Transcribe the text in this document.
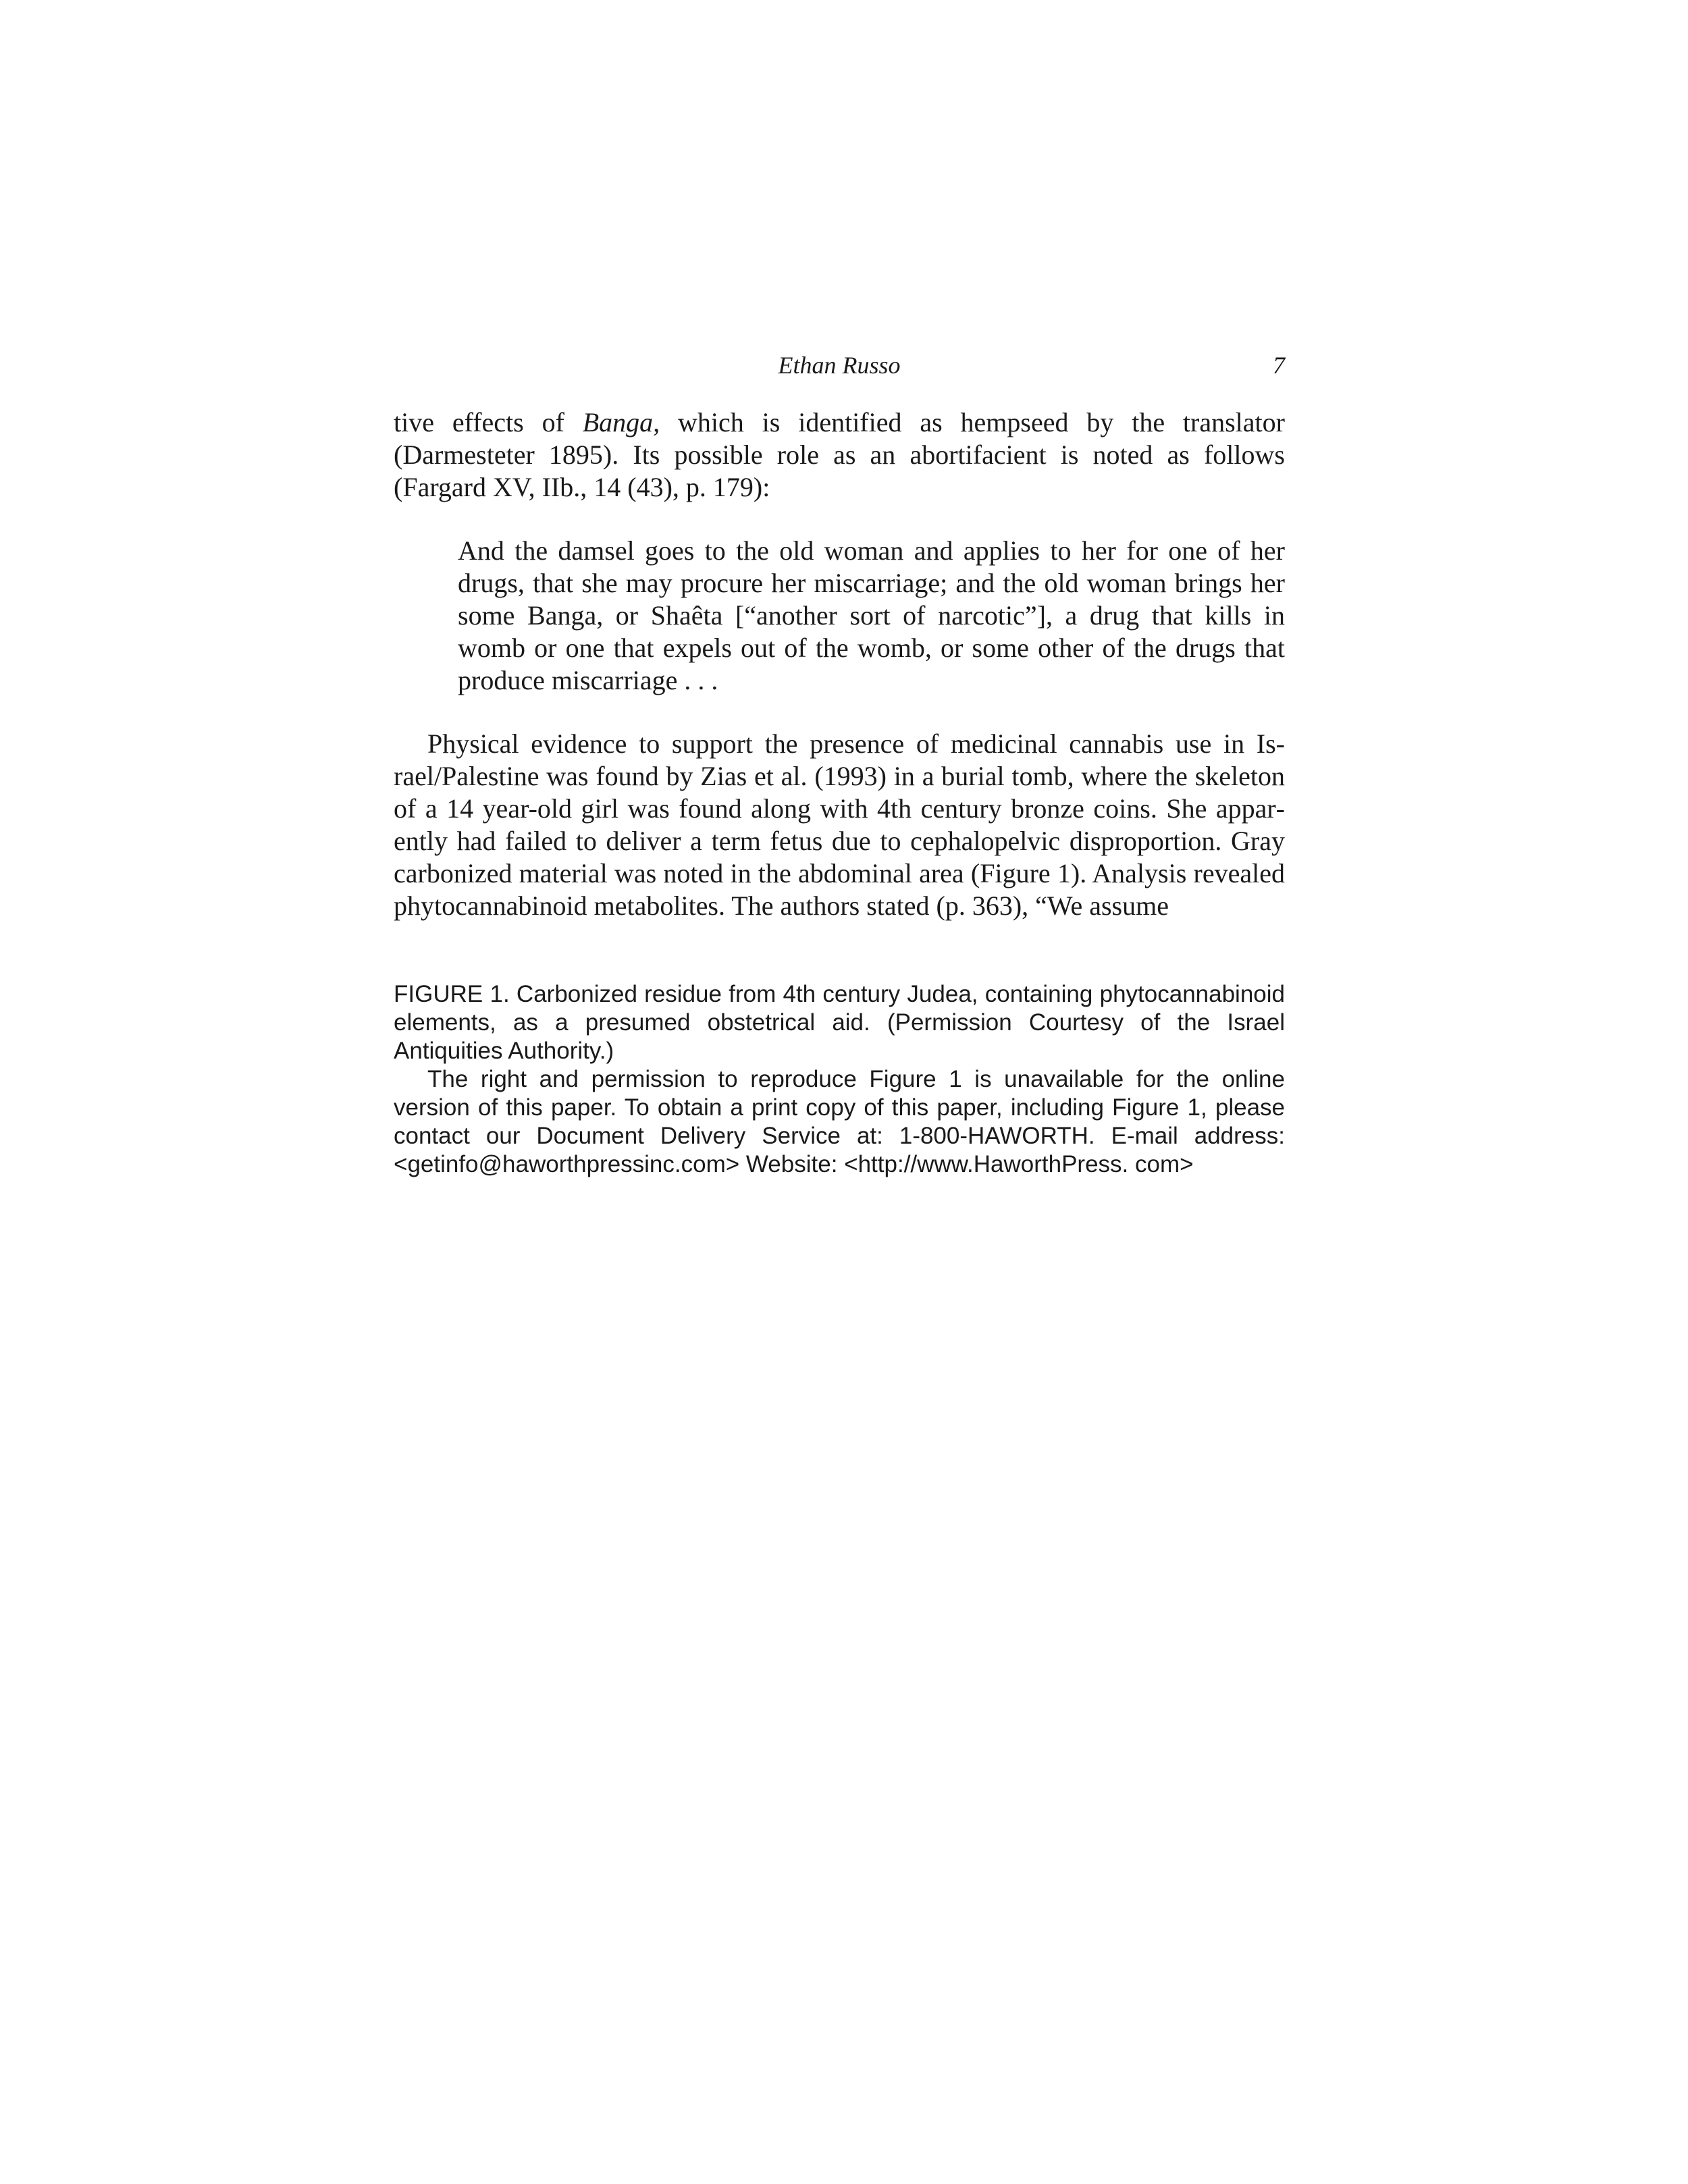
Ethan Russo	7

tive effects of Banga, which is identified as hempseed by the translator (Darmesteter 1895). Its possible role as an abortifacient is noted as follows (Fargard XV, IIb., 14 (43), p. 179):

And the damsel goes to the old woman and applies to her for one of her drugs, that she may procure her miscarriage; and the old woman brings her some Banga, or Shaêta [“another sort of narcotic”], a drug that kills in womb or one that expels out of the womb, or some other of the drugs that produce miscarriage . . .

Physical evidence to support the presence of medicinal cannabis use in Israel/Palestine was found by Zias et al. (1993) in a burial tomb, where the skeleton of a 14 year-old girl was found along with 4th century bronze coins. She apparently had failed to deliver a term fetus due to cephalopelvic disproportion. Gray carbonized material was noted in the abdominal area (Figure 1). Analysis revealed phytocannabinoid metabolites. The authors stated (p. 363), “We assume

FIGURE 1. Carbonized residue from 4th century Judea, containing phytocannabinoid elements, as a presumed obstetrical aid. (Permission Courtesy of the Israel Antiquities Authority.)

The right and permission to reproduce Figure 1 is unavailable for the online version of this paper. To obtain a print copy of this paper, including Figure 1, please contact our Document Delivery Service at: 1-800-HAWORTH. E-mail address: <getinfo@haworthpressinc.com> Website: <http://www.HaworthPress. com>
